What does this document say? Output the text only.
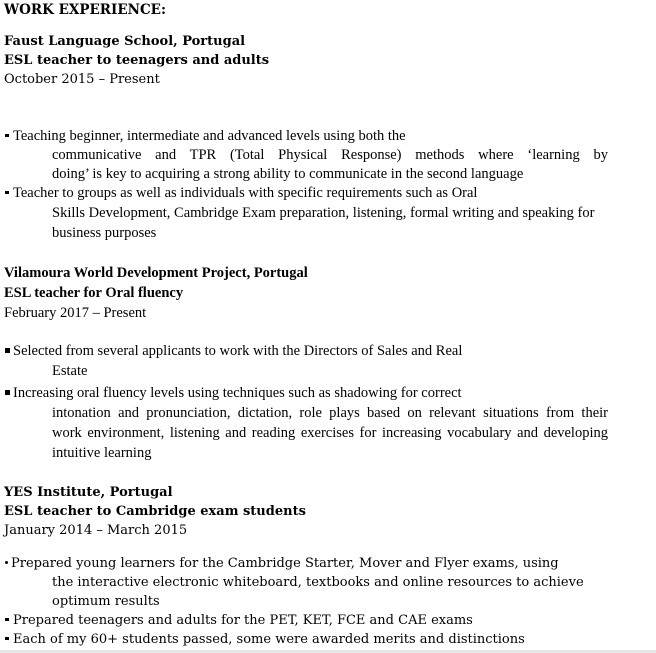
WORK EXPERIENCE:
Faust Language School, Portugal
ESL teacher to teenagers and adults
October 2015 – Present
Teaching beginner, intermediate and advanced levels using both the
communicative and TPR (Total Physical Response) methods where ‘learning by
doing’ is key to acquiring a strong ability to communicate in the second language
Teacher to groups as well as individuals with specific requirements such as Oral
Skills Development, Cambridge Exam preparation, listening, formal writing and speaking for
business purposes
Vilamoura World Development Project, Portugal
ESL teacher for Oral fluency
February 2017 – Present
Selected from several applicants to work with the Directors of Sales and Real
Estate
Increasing oral fluency levels using techniques such as shadowing for correct
intonation and pronunciation, dictation, role plays based on relevant situations from their
work environment, listening and reading exercises for increasing vocabulary and developing
intuitive learning
YES Institute, Portugal
ESL teacher to Cambridge exam students
January 2014 – March 2015
Prepared young learners for the Cambridge Starter, Mover and Flyer exams, using
the interactive electronic whiteboard, textbooks and online resources to achieve
optimum results
Prepared teenagers and adults for the PET, KET, FCE and CAE exams
Each of my 60+ students passed, some were awarded merits and distinctions
